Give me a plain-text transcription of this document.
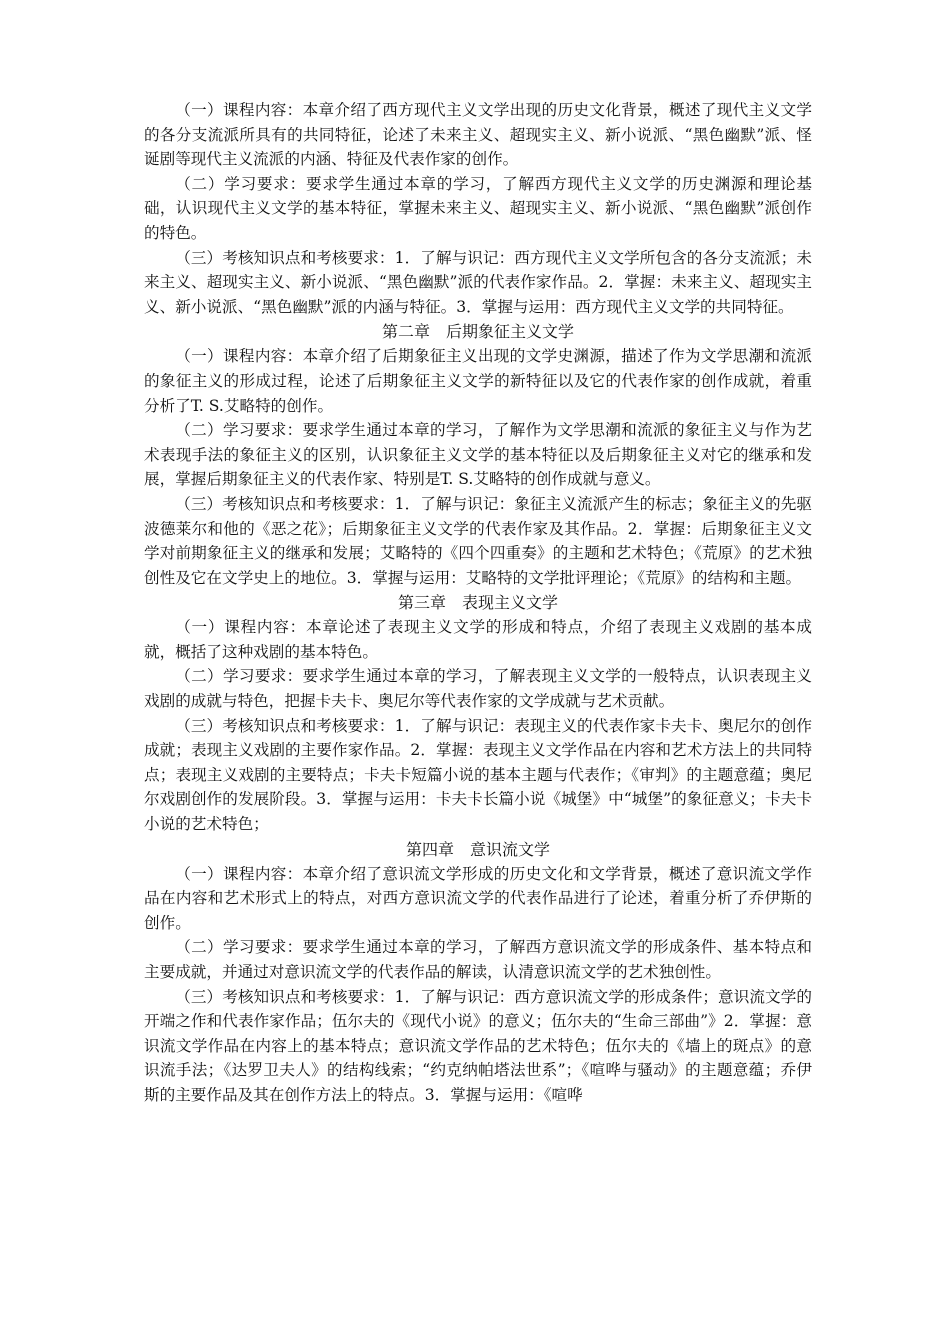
（一）课程内容：本章介绍了西方现代主义文学出现的历史文化背景，概述了现代主义文学的各分支流派所具有的共同特征，论述了未来主义、超现实主义、新小说派、“黑色幽默”派、怪诞剧等现代主义流派的内涵、特征及代表作家的创作。

（二）学习要求：要求学生通过本章的学习，了解西方现代主义文学的历史渊源和理论基础，认识现代主义文学的基本特征，掌握未来主义、超现实主义、新小说派、“黑色幽默”派创作的特色。

（三）考核知识点和考核要求：1．了解与识记：西方现代主义文学所包含的各分支流派；未来主义、超现实主义、新小说派、“黑色幽默”派的代表作家作品。2．掌握：未来主义、超现实主义、新小说派、“黑色幽默”派的内涵与特征。3．掌握与运用：西方现代主义文学的共同特征。

第二章　后期象征主义文学

（一）课程内容：本章介绍了后期象征主义出现的文学史渊源，描述了作为文学思潮和流派的象征主义的形成过程，论述了后期象征主义文学的新特征以及它的代表作家的创作成就，着重分析了T. S.艾略特的创作。

（二）学习要求：要求学生通过本章的学习，了解作为文学思潮和流派的象征主义与作为艺术表现手法的象征主义的区别，认识象征主义文学的基本特征以及后期象征主义对它的继承和发展，掌握后期象征主义的代表作家、特别是T. S.艾略特的创作成就与意义。

（三）考核知识点和考核要求：1．了解与识记：象征主义流派产生的标志；象征主义的先驱波德莱尔和他的《恶之花》；后期象征主义文学的代表作家及其作品。2．掌握：后期象征主义文学对前期象征主义的继承和发展；艾略特的《四个四重奏》的主题和艺术特色；《荒原》的艺术独创性及它在文学史上的地位。3．掌握与运用：艾略特的文学批评理论；《荒原》的结构和主题。

第三章　表现主义文学

（一）课程内容：本章论述了表现主义文学的形成和特点，介绍了表现主义戏剧的基本成就，概括了这种戏剧的基本特色。

（二）学习要求：要求学生通过本章的学习，了解表现主义文学的一般特点，认识表现主义戏剧的成就与特色，把握卡夫卡、奥尼尔等代表作家的文学成就与艺术贡献。

（三）考核知识点和考核要求：1．了解与识记：表现主义的代表作家卡夫卡、奥尼尔的创作成就；表现主义戏剧的主要作家作品。2．掌握：表现主义文学作品在内容和艺术方法上的共同特点；表现主义戏剧的主要特点；卡夫卡短篇小说的基本主题与代表作；《审判》的主题意蕴；奥尼尔戏剧创作的发展阶段。3．掌握与运用：卡夫卡长篇小说《城堡》中“城堡”的象征意义；卡夫卡小说的艺术特色；

第四章　意识流文学

（一）课程内容：本章介绍了意识流文学形成的历史文化和文学背景，概述了意识流文学作品在内容和艺术形式上的特点，对西方意识流文学的代表作品进行了论述，着重分析了乔伊斯的创作。

（二）学习要求：要求学生通过本章的学习，了解西方意识流文学的形成条件、基本特点和主要成就，并通过对意识流文学的代表作品的解读，认清意识流文学的艺术独创性。

（三）考核知识点和考核要求：1．了解与识记：西方意识流文学的形成条件；意识流文学的开端之作和代表作家作品；伍尔夫的《现代小说》的意义；伍尔夫的“生命三部曲”》2．掌握：意识流文学作品在内容上的基本特点；意识流文学作品的艺术特色；伍尔夫的《墙上的斑点》的意识流手法；《达罗卫夫人》的结构线索；“约克纳帕塔法世系”；《喧哗与骚动》的主题意蕴；乔伊斯的主要作品及其在创作方法上的特点。3．掌握与运用：《喧哗
